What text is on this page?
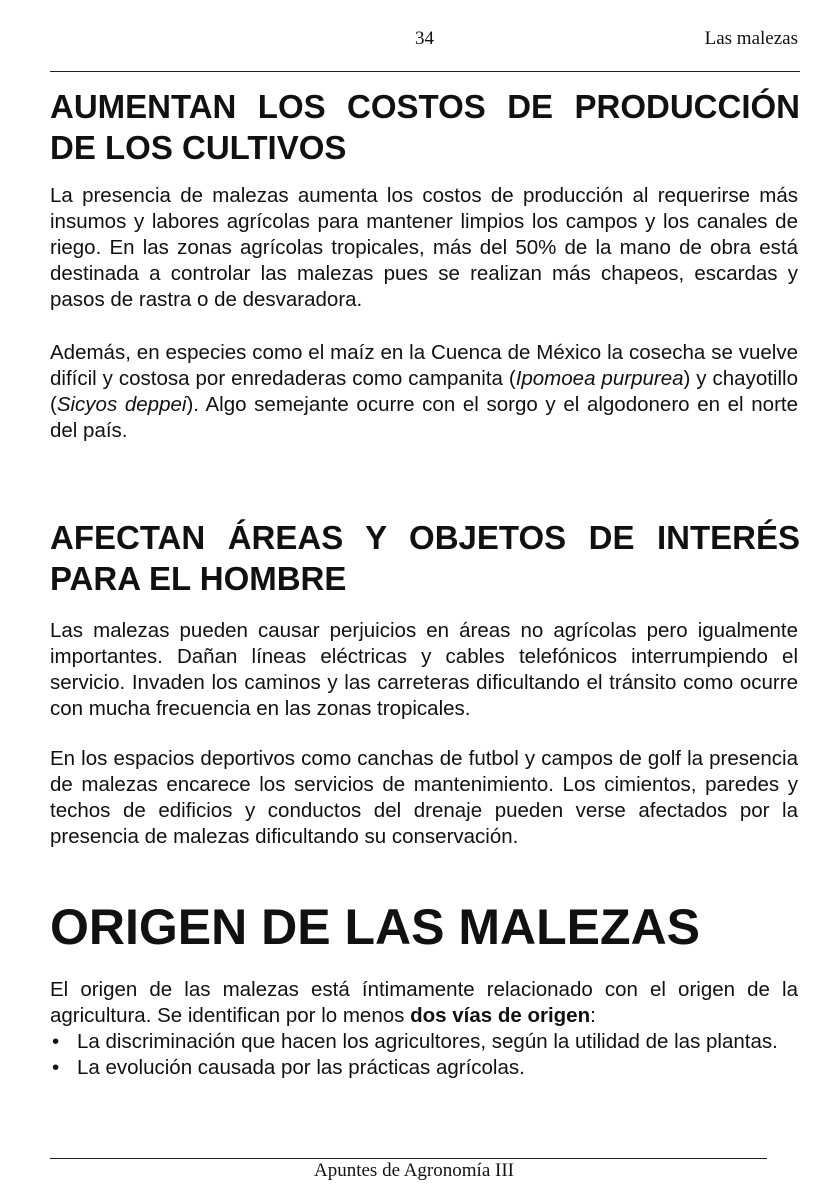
34	Las malezas
AUMENTAN LOS COSTOS DE PRODUCCIÓN
DE LOS CULTIVOS

La presencia de malezas aumenta los costos de producción al requerirse más insumos y labores agrícolas para mantener limpios los campos y los canales de riego. En las zonas agrícolas tropicales, más del 50% de la mano de obra está destinada a controlar las malezas pues se realizan más chapeos, escardas y pasos de rastra o de desvaradora.

Además, en especies como el maíz en la Cuenca de México la cosecha se vuelve difícil y costosa por enredaderas como campanita (Ipomoea purpurea) y chayotillo (Sicyos deppei). Algo semejante ocurre con el sorgo y el algodonero en el norte del país.

AFECTAN ÁREAS Y OBJETOS DE INTERÉS
PARA EL HOMBRE

Las malezas pueden causar perjuicios en áreas no agrícolas pero igualmente importantes. Dañan líneas eléctricas y cables telefónicos interrumpiendo el servicio. Invaden los caminos y las carreteras dificultando el tránsito como ocurre con mucha frecuencia en las zonas tropicales.

En los espacios deportivos como canchas de futbol y campos de golf la presencia de malezas encarece los servicios de mantenimiento. Los cimientos, paredes y techos de edificios y conductos del drenaje pueden verse afectados por la presencia de malezas dificultando su conservación.

ORIGEN DE LAS MALEZAS

El origen de las malezas está íntimamente relacionado con el origen de la agricultura. Se identifican por lo menos dos vías de origen:

• La discriminación que hacen los agricultores, según la utilidad de las plantas.
• La evolución causada por las prácticas agrícolas.
Apuntes de Agronomía III
